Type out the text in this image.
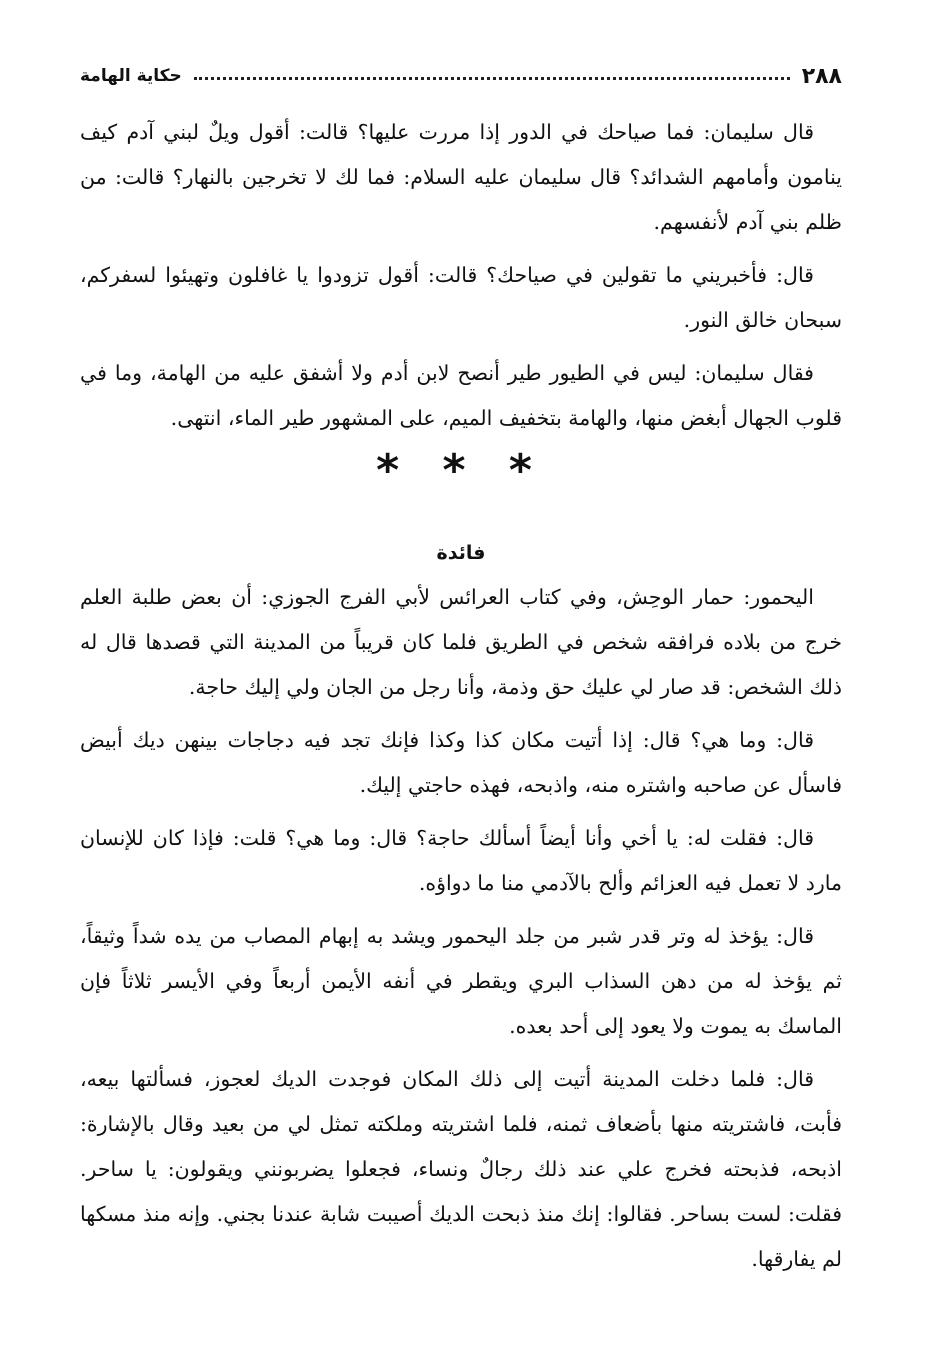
٢٨٨
حكاية الهامة

قال سليمان: فما صياحك في الدور إذا مررت عليها؟ قالت: أقول ويلٌ لبني آدم كيف ينامون وأمامهم الشدائد؟ قال سليمان عليه السلام: فما لك لا تخرجين بالنهار؟ قالت: من ظلم بني آدم لأنفسهم.

قال: فأخبريني ما تقولين في صياحك؟ قالت: أقول تزودوا يا غافلون وتهيئوا لسفركم، سبحان خالق النور.

فقال سليمان: ليس في الطيور طير أنصح لابن أدم ولا أشفق عليه من الهامة، وما في قلوب الجهال أبغض منها، والهامة بتخفيف الميم، على المشهور طير الماء، انتهى.

* * *
فائدة

اليحمور: حمار الوحِش، وفي كتاب العرائس لأبي الفرج الجوزي: أن بعض طلبة العلم خرج من بلاده فرافقه شخص في الطريق فلما كان قريباً من المدينة التي قصدها قال له ذلك الشخص: قد صار لي عليك حق وذمة، وأنا رجل من الجان ولي إليك حاجة.

قال: وما هي؟ قال: إذا أتيت مكان كذا وكذا فإنك تجد فيه دجاجات بينهن ديك أبيض فاسأل عن صاحبه واشتره منه، واذبحه، فهذه حاجتي إليك.

قال: فقلت له: يا أخي وأنا أيضاً أسألك حاجة؟ قال: وما هي؟ قلت: فإذا كان للإنسان مارد لا تعمل فيه العزائم وألح بالآدمي منا ما دواؤه.

قال: يؤخذ له وتر قدر شبر من جلد اليحمور ويشد به إبهام المصاب من يده شداً وثيقاً، ثم يؤخذ له من دهن السذاب البري ويقطر في أنفه الأيمن أربعاً وفي الأيسر ثلاثاً فإن الماسك به يموت ولا يعود إلى أحد بعده.

قال: فلما دخلت المدينة أتيت إلى ذلك المكان فوجدت الديك لعجوز، فسألتها بيعه، فأبت، فاشتريته منها بأضعاف ثمنه، فلما اشتريته وملكته تمثل لي من بعيد وقال بالإشارة: اذبحه، فذبحته فخرج علي عند ذلك رجالٌ ونساء، فجعلوا يضربونني ويقولون: يا ساحر. فقلت: لست بساحر. فقالوا: إنك منذ ذبحت الديك أصيبت شابة عندنا بجني. وإنه منذ مسكها لم يفارقها.
